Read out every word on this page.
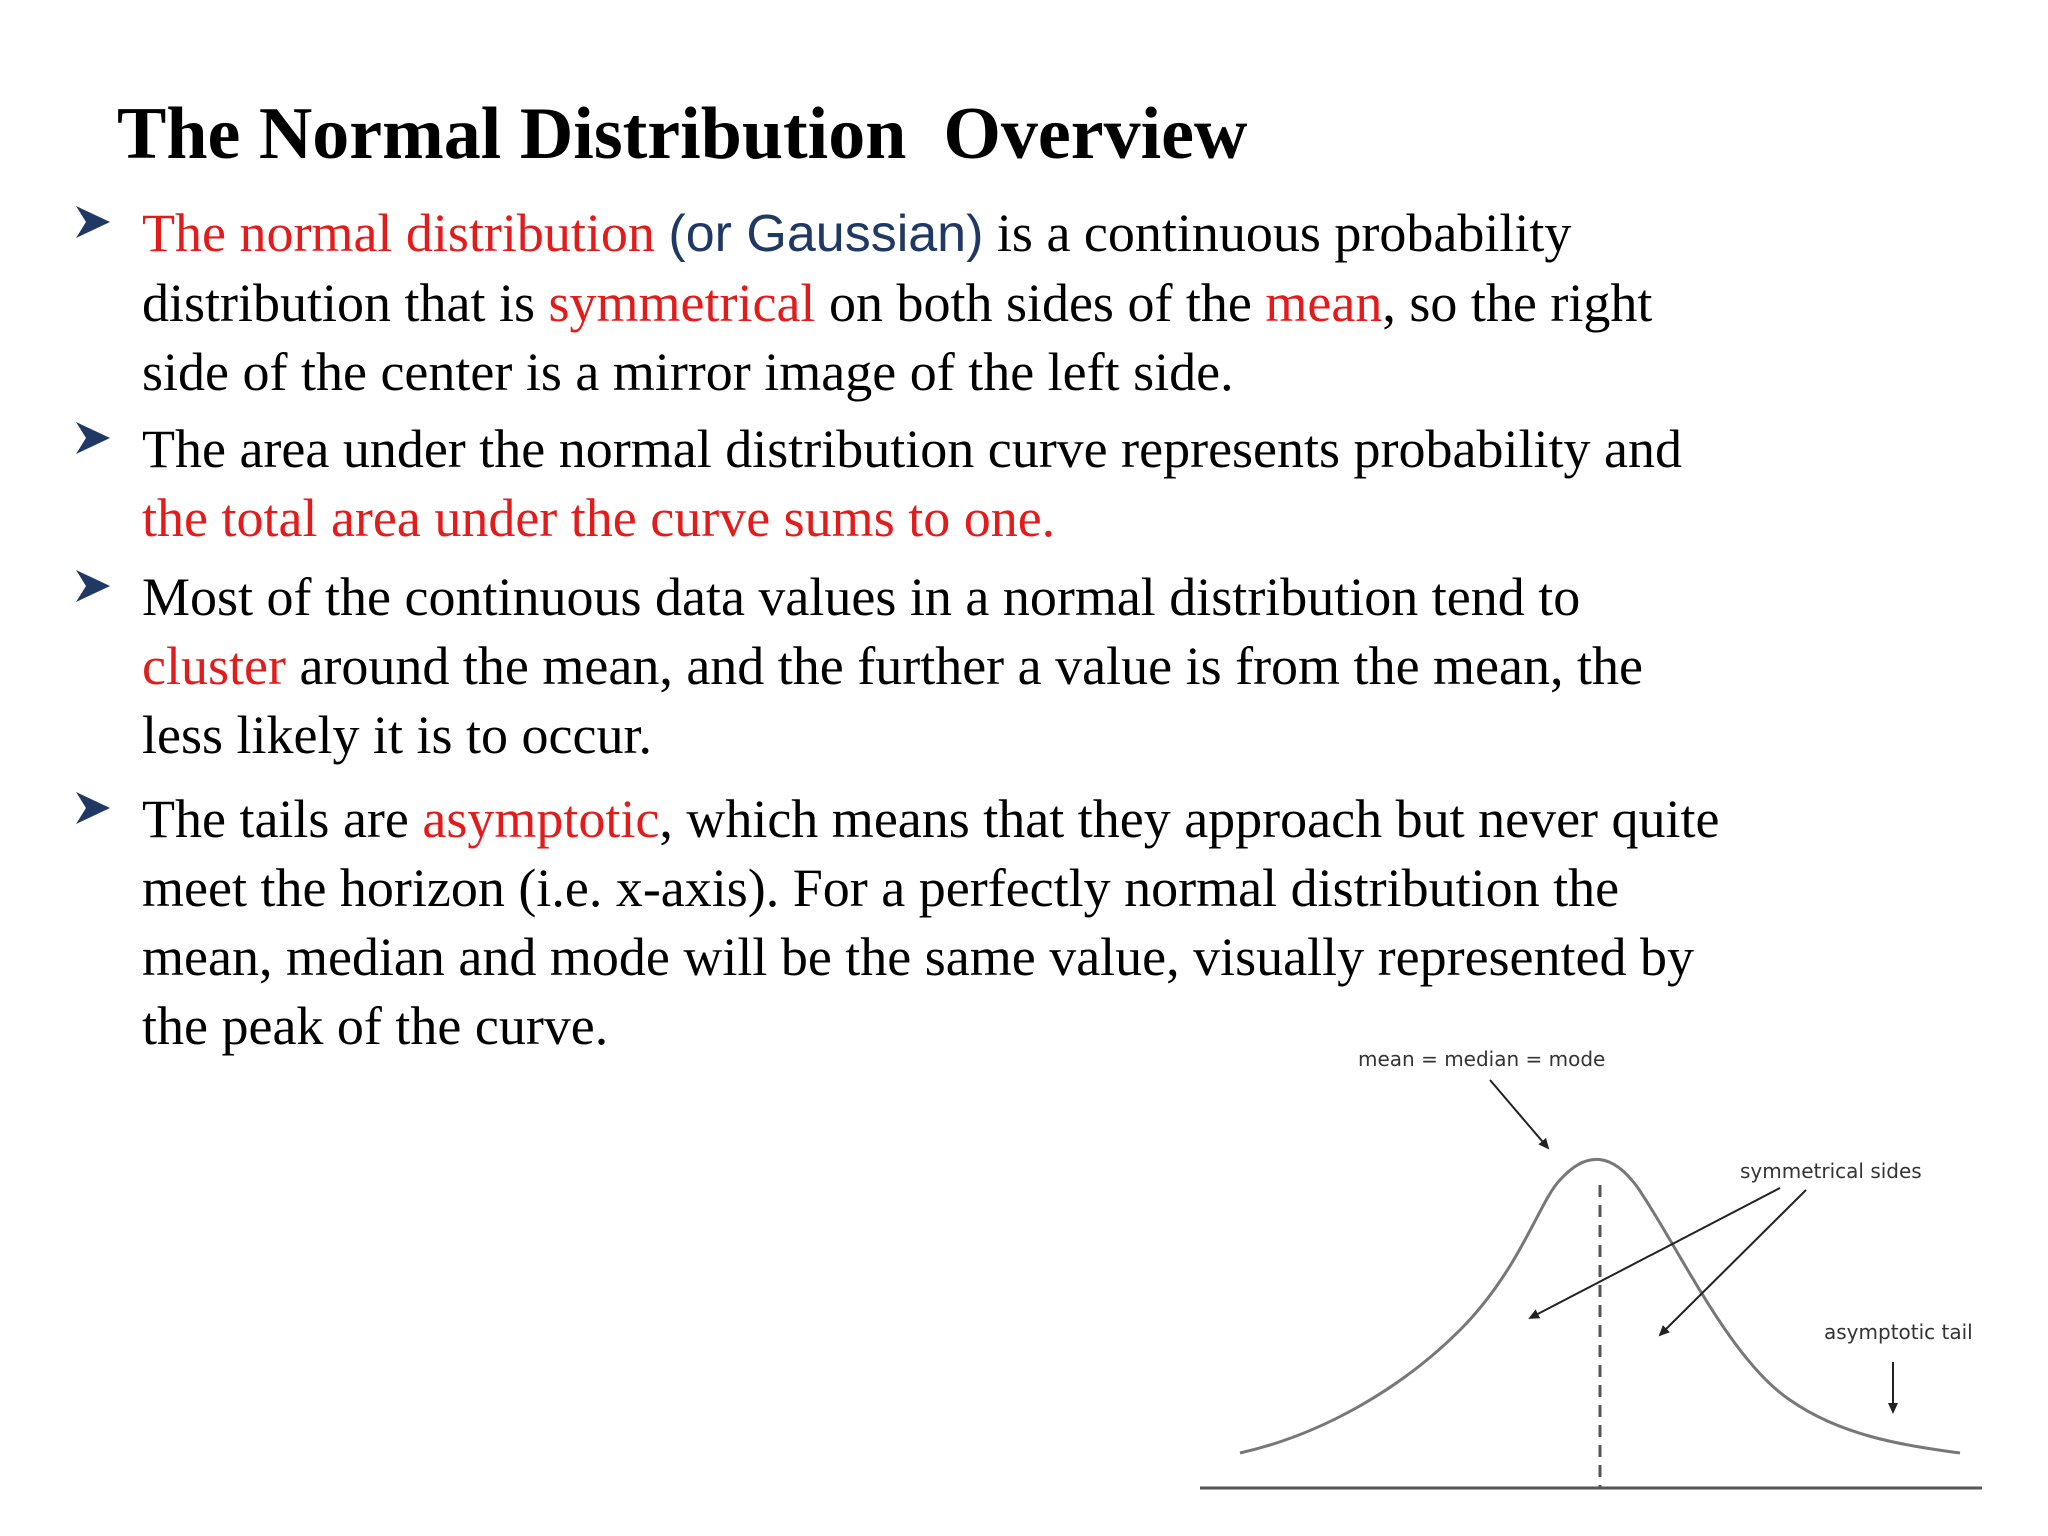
The Normal Distribution  Overview
The normal distribution (or Gaussian) is a continuous probability distribution that is symmetrical on both sides of the mean, so the right side of the center is a mirror image of the left side.
The area under the normal distribution curve represents probability and the total area under the curve sums to one.
Most of the continuous data values in a normal distribution tend to cluster around the mean, and the further a value is from the mean, the less likely it is to occur.
The tails are asymptotic, which means that they approach but never quite meet the horizon (i.e. x-axis). For a perfectly normal distribution the mean, median and mode will be the same value, visually represented by the peak of the curve.
mean = median = mode
symmetrical sides
asymptotic tail
